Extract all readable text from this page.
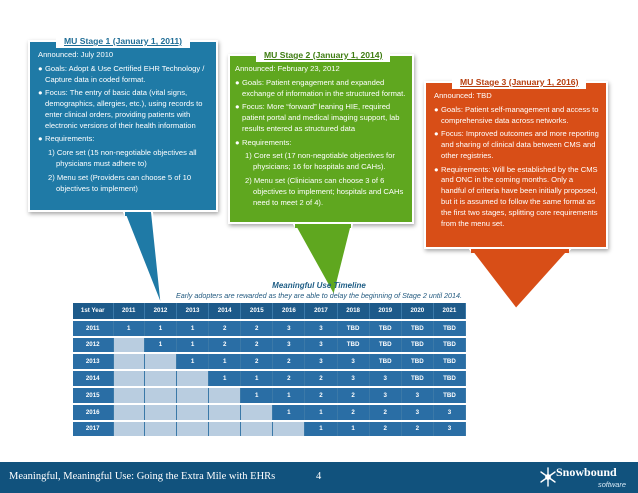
MU Stage 1 (January 1, 2011)
Announced: July 2010
● Goals: Adopt & Use Certified EHR Technology / Capture data in coded format.
● Focus: The entry of basic data (vital signs, demographics, allergies, etc.), using records to enter clinical orders, providing patients with electronic versions of their health information
● Requirements:
1) Core set (15 non-negotiable objectives all physicians must adhere to)
2) Menu set (Providers can choose 5 of 10 objectives to implement)
MU Stage 2 (January 1, 2014)
Announced: February 23, 2012
● Goals: Patient engagement and expanded exchange of information in the structured format.
● Focus: More “forward” leaning HIE, required patient portal and medical imaging support, lab results entered as structured data
● Requirements:
1) Core set (17 non-negotiable objectives for physicians; 16 for hospitals and CAHs).
2) Menu set (Clinicians can choose 3 of 6 objectives to implement; hospitals and CAHs need to meet 2 of 4).
MU Stage 3 (January 1, 2016)
Announced: TBD
● Goals: Patient self-management and access to comprehensive data across networks.
● Focus: Improved outcomes and more reporting and sharing of clinical data between CMS and other registries.
● Requirements: Will be established by the CMS and ONC in the coming months. Only a handful of criteria have been initially proposed, but it is assumed to follow the same format as the first two stages, splitting core requirements from the menu set.
Meaningful Use Timeline
Early adopters are rewarded as they are able to delay the beginning of Stage 2 until 2014.
1st Year	2011	2012	2013	2014	2015	2016	2017	2018	2019	2020	2021
2011	1	1	1	2	2	3	3	TBD	TBD	TBD	TBD
2012		1	1	2	2	3	3	TBD	TBD	TBD	TBD
2013			1	1	2	2	3	3	TBD	TBD	TBD
2014				1	1	2	2	3	3	TBD	TBD
2015					1	1	2	2	3	3	TBD
2016						1	1	2	2	3	3
2017							1	1	2	2	3
Meaningful, Meaningful Use: Going the Extra Mile with EHRs	4	Snowbound
software
